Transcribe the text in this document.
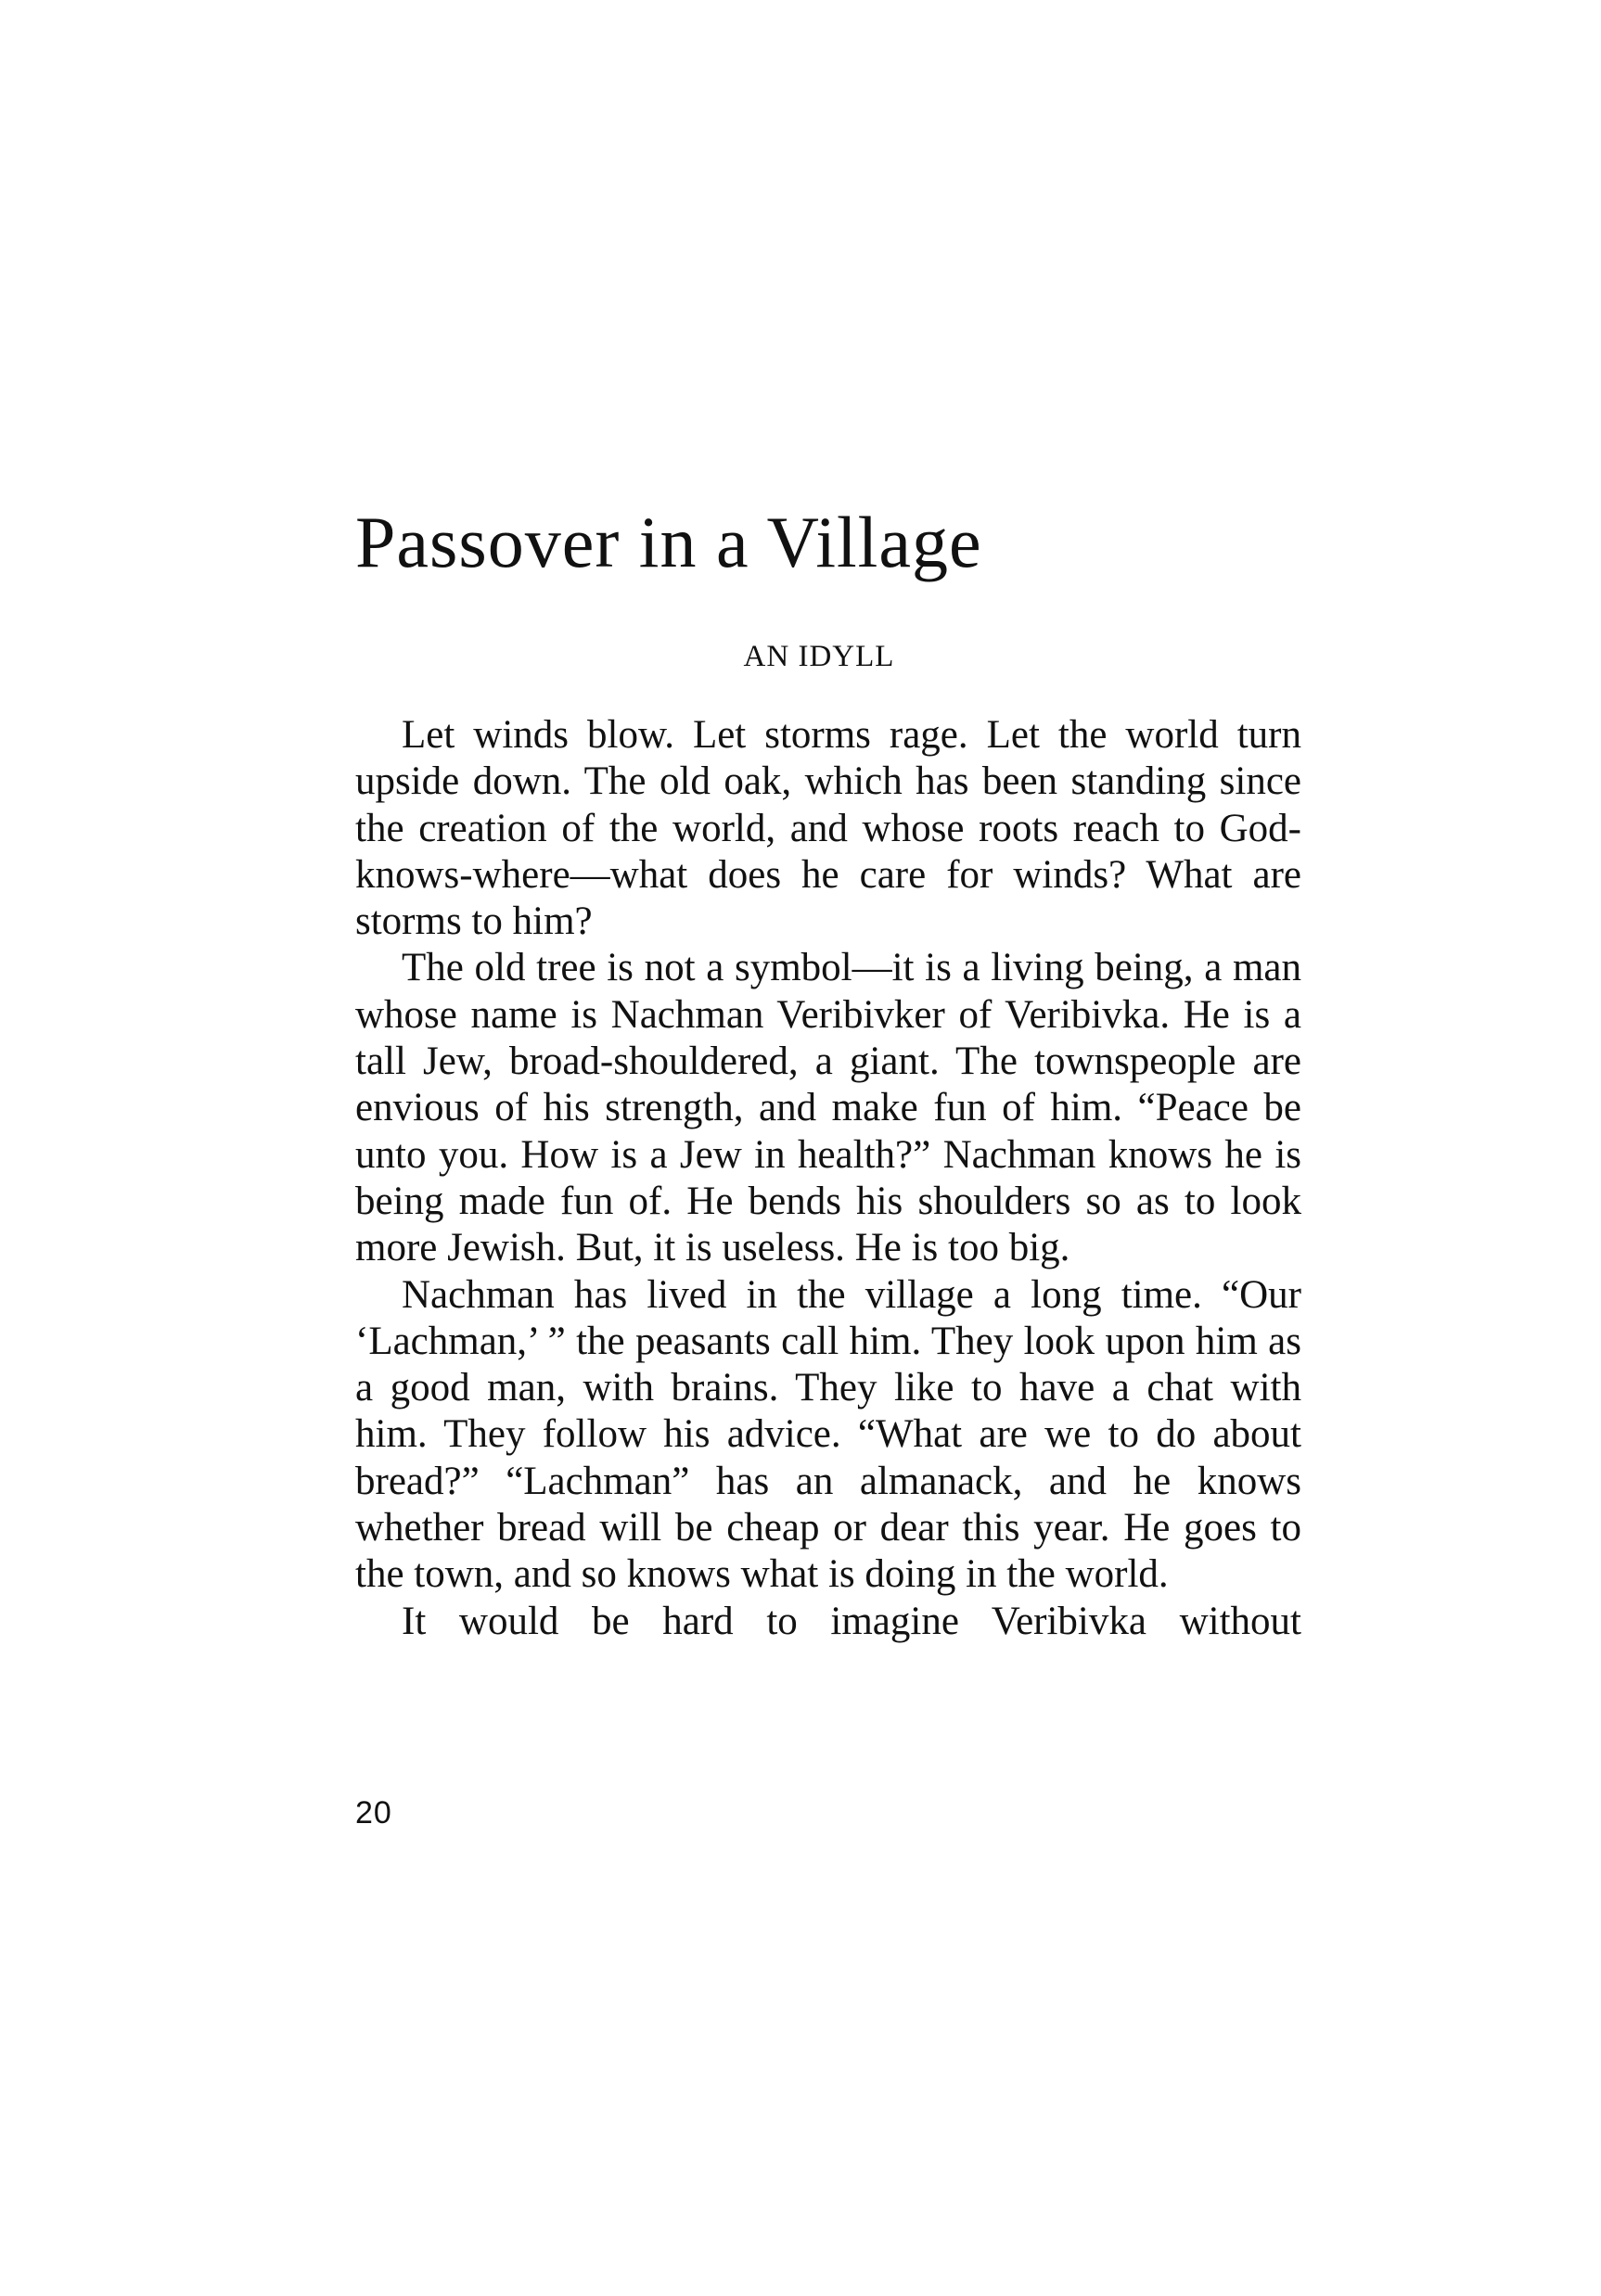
Passover in a Village

AN IDYLL

Let winds blow. Let storms rage. Let the world turn upside down. The old oak, which has been standing since the creation of the world, and whose roots reach to God-knows-where—what does he care for winds? What are storms to him?

The old tree is not a symbol—it is a living being, a man whose name is Nachman Veribivker of Veribivka. He is a tall Jew, broad-shouldered, a giant. The townspeople are envious of his strength, and make fun of him. “Peace be unto you. How is a Jew in health?” Nachman knows he is being made fun of. He bends his shoulders so as to look more Jewish. But, it is useless. He is too big.

Nachman has lived in the village a long time. “Our ‘Lachman,’ ” the peasants call him. They look upon him as a good man, with brains. They like to have a chat with him. They follow his advice. “What are we to do about bread?” “Lachman” has an almanack, and he knows whether bread will be cheap or dear this year. He goes to the town, and so knows what is doing in the world.

It would be hard to imagine Veribivka without

20
